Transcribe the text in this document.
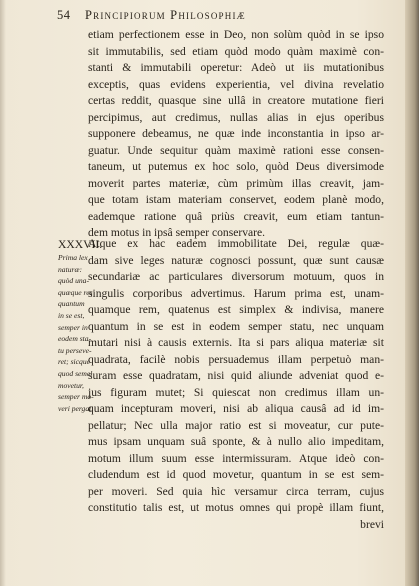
54 Principiorum Philosophiæ
etiam perfectionem esse in Deo, non solùm quòd in se ipso
sit immutabilis, sed etiam quòd modo quàm maximè con-
stanti & immutabili operetur: Adeò ut iis mutationibus
exceptis, quas evidens experientia, vel divina revelatio
certas reddit, quasque sine ullâ in creatore mutatione fieri
percipimus, aut credimus, nullas alias in ejus operibus
supponere debeamus, ne quæ inde inconstantia in ipso ar-
guatur. Unde sequitur quàm maximè rationi esse consen-
taneum, ut putemus ex hoc solo, quòd Deus diversimode
moverit partes materiæ, cùm primùm illas creavit, jam-
que totam istam materiam conservet, eodem planè modo,
eademque ratione quâ priùs creavit, eum etiam tantun-
dem motus in ipsâ semper conservare.
XXXVII.
Prima lex
naturæ:
quòd una-
quæque res
quantum
in se est,
semper in
eodem sta-
tu perseve-
ret; sicque
quod semel
movetur,
semper mo-
veri pergat.
Atque ex hac eadem immobilitate Dei, regulæ quæ-
dam sive leges naturæ cognosci possunt, quæ sunt causæ
secundariæ ac particulares diversorum motuum, quos in
singulis corporibus advertimus. Harum prima est, unam-
quamque rem, quatenus est simplex & indivisa, manere
quantum in se est in eodem semper statu, nec unquam
mutari nisi à causis externis. Ita si pars aliqua materiæ sit
quadrata, facilè nobis persuademus illam perpetuò man-
suram esse quadratam, nisi quid aliunde adveniat quod e-
jus figuram mutet; Si quiescat non credimus illam un-
quam incepturam moveri, nisi ab aliqua causâ ad id im-
pellatur; Nec ulla major ratio est si moveatur, cur pute-
mus ipsam unquam suâ sponte, & à nullo alio impeditam,
motum illum suum esse intermissuram. Atque ideò con-
cludendum est id quod movetur, quantum in se est sem-
per moveri. Sed quia hìc versamur circa terram, cujus
constitutio talis est, ut motus omnes qui propè illam fiunt,
brevi
